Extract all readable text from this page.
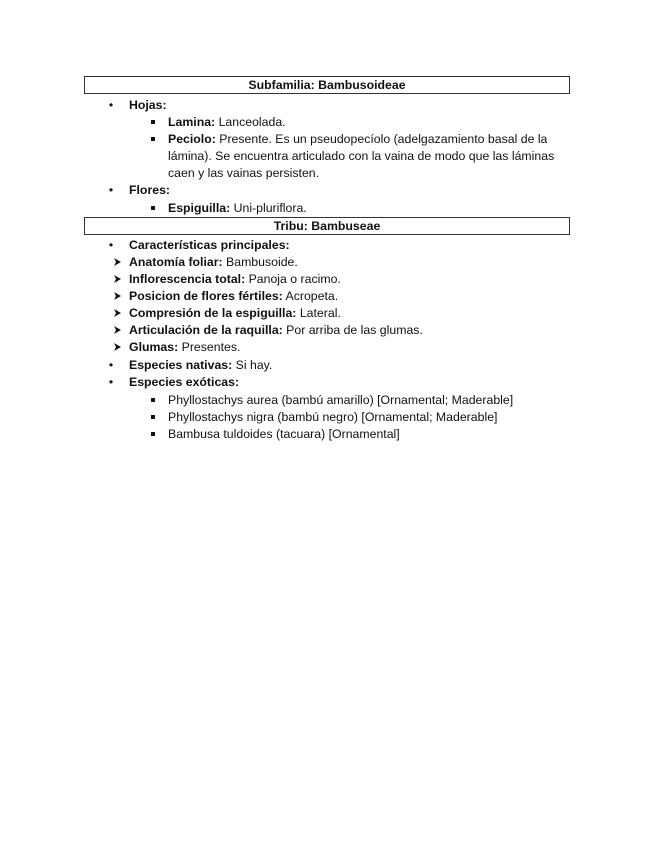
Subfamilia: Bambusoideae
• Hojas:
Lamina: Lanceolada.
Peciolo: Presente. Es un pseudopecíolo (adelgazamiento basal de la lámina). Se encuentra articulado con la vaina de modo que las láminas caen y las vainas persisten.
• Flores:
Espiguilla: Uni-pluriflora.
Tribu: Bambuseae
• Características principales:
Anatomía foliar: Bambusoide.
Inflorescencia total: Panoja o racimo.
Posicion de flores fértiles: Acropeta.
Compresión de la espiguilla: Lateral.
Articulación de la raquilla: Por arriba de las glumas.
Glumas: Presentes.
• Especies nativas: Si hay.
• Especies exóticas:
Phyllostachys aurea (bambú amarillo) [Ornamental; Maderable]
Phyllostachys nigra (bambú negro) [Ornamental; Maderable]
Bambusa tuldoides (tacuara) [Ornamental]
